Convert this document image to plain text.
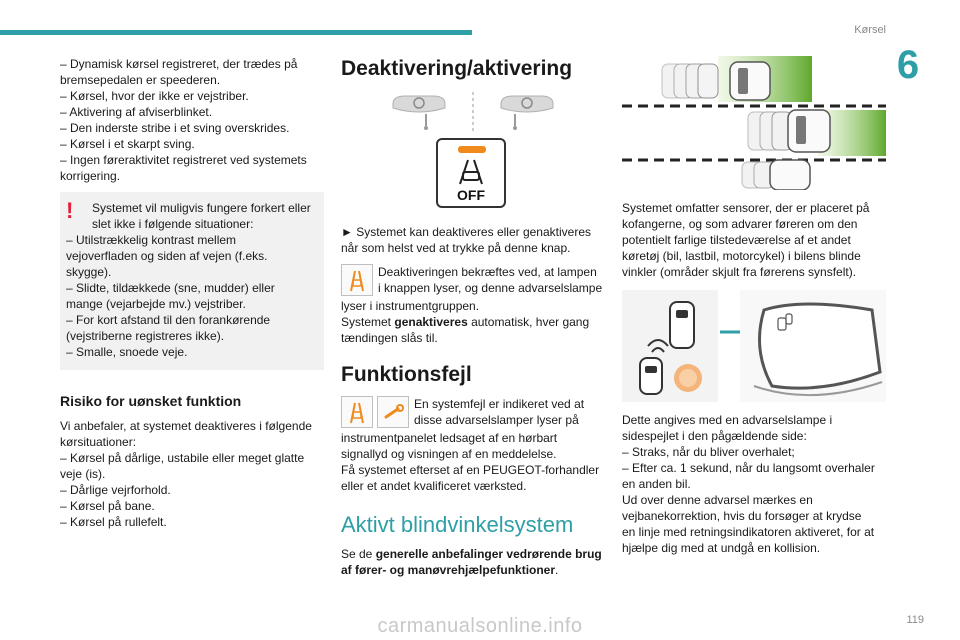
Kørsel
6
– Dynamisk kørsel registreret, der trædes på
bremsepedalen er speederen.
– Kørsel, hvor der ikke er vejstriber.
– Aktivering af afviserblinket.
– Den inderste stribe i et sving overskrides.
– Kørsel i et skarpt sving.
– Ingen føreraktivitet registreret ved systemets
korrigering.
!	Systemet vil muligvis fungere forkert eller
slet ikke i følgende situationer:
– Utilstrækkelig kontrast mellem
vejoverfladen og siden af vejen (f.eks.
skygge).
– Slidte, tildækkede (sne, mudder) eller
mange (vejarbejde mv.) vejstriber.
– For kort afstand til den forankørende
(vejstriberne registreres ikke).
– Smalle, snoede veje.
Risiko for uønsket funktion
Vi anbefaler, at systemet deaktiveres i følgende
kørsituationer:
– Kørsel på dårlige, ustabile eller meget glatte
veje (is).
– Dårlige vejrforhold.
– Kørsel på bane.
– Kørsel på rullefelt.
Deaktivering/aktivering
OFF
► Systemet kan deaktiveres eller genaktiveres
når som helst ved at trykke på denne knap.
Deaktiveringen bekræftes ved, at lampen
i knappen lyser, og denne advarselslampe
lyser i instrumentgruppen.
Systemet genaktiveres automatisk, hver gang
tændingen slås til.
Funktionsfejl
En systemfejl er indikeret ved at
disse advarselslamper lyser på
instrumentpanelet ledsaget af en hørbart
signallyd og visningen af en meddelelse.
Få systemet efterset af en PEUGEOT-forhandler
eller et andet kvalificeret værksted.
Aktivt blindvinkelsystem
Se de generelle anbefalinger vedrørende brug
af fører- og manøvrehjælpefunktioner.
Systemet omfatter sensorer, der er placeret på
kofangerne, og som advarer føreren om den
potentielt farlige tilstedeværelse af et andet
køretøj (bil, lastbil, motorcykel) i bilens blinde
vinkler (områder skjult fra førerens synsfelt).
Dette angives med en advarselslampe i
sidespejlet i den pågældende side:
– Straks, når du bliver overhalet;
– Efter ca. 1 sekund, når du langsomt overhaler
en anden bil.
Ud over denne advarsel mærkes en
vejbanekorrektion, hvis du forsøger at krydse
en linje med retningsindikatoren aktiveret, for at
hjælpe dig med at undgå en kollision.
119
carmanualsonline.info
